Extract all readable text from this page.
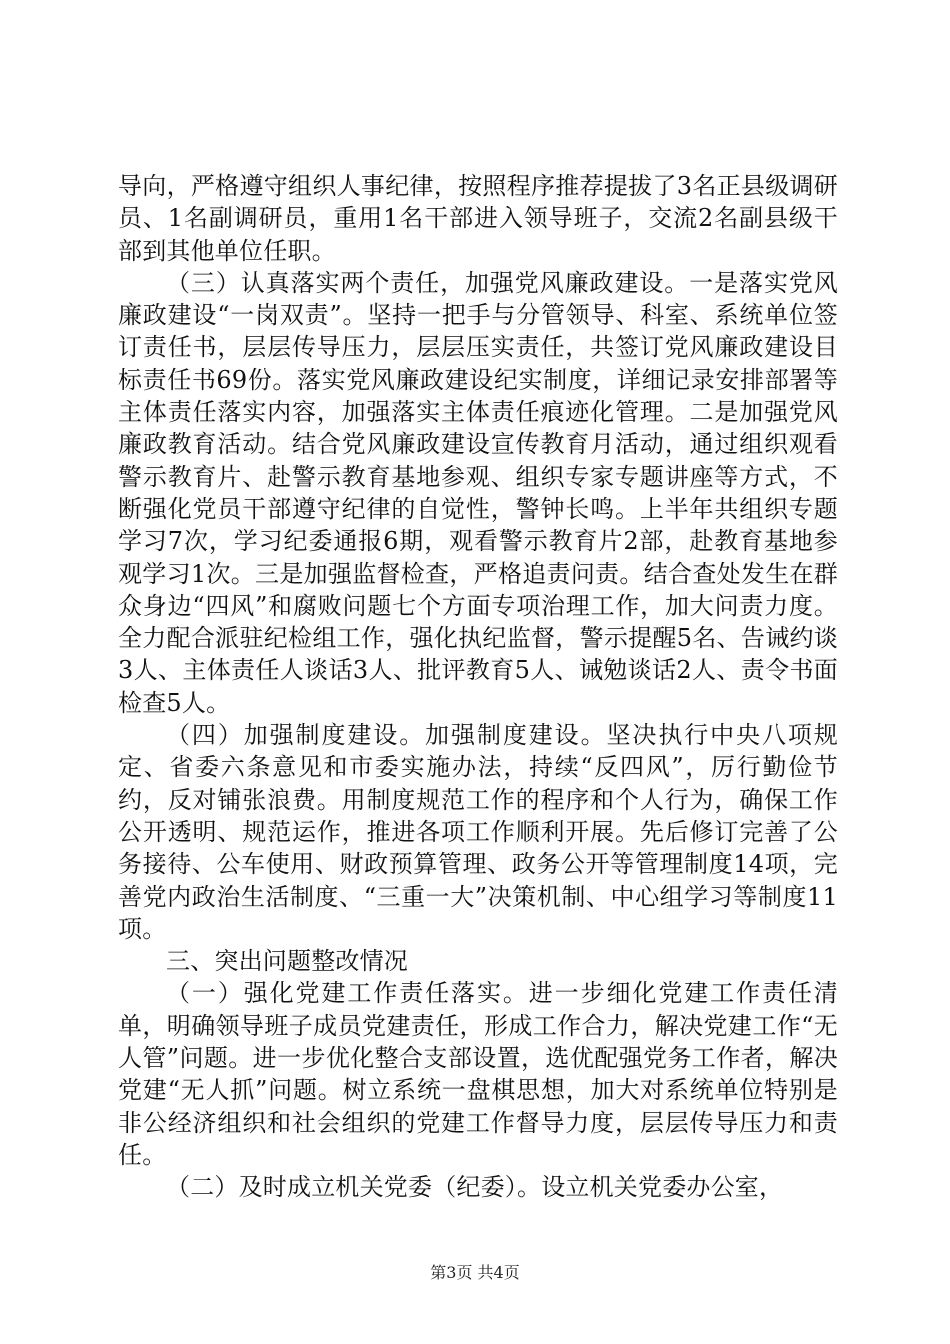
导向，严格遵守组织人事纪律，按照程序推荐提拔了3名正县级调研员、1名副调研员，重用1名干部进入领导班子，交流2名副县级干部到其他单位任职。

（三）认真落实两个责任，加强党风廉政建设。一是落实党风廉政建设“一岗双责”。坚持一把手与分管领导、科室、系统单位签订责任书，层层传导压力，层层压实责任，共签订党风廉政建设目标责任书69份。落实党风廉政建设纪实制度，详细记录安排部署等主体责任落实内容，加强落实主体责任痕迹化管理。二是加强党风廉政教育活动。结合党风廉政建设宣传教育月活动，通过组织观看警示教育片、赴警示教育基地参观、组织专家专题讲座等方式，不断强化党员干部遵守纪律的自觉性，警钟长鸣。上半年共组织专题学习7次，学习纪委通报6期，观看警示教育片2部，赴教育基地参观学习1次。三是加强监督检查，严格追责问责。结合查处发生在群众身边“四风”和腐败问题七个方面专项治理工作，加大问责力度。全力配合派驻纪检组工作，强化执纪监督，警示提醒5名、告诫约谈3人、主体责任人谈话3人、批评教育5人、诫勉谈话2人、责令书面检查5人。

（四）加强制度建设。加强制度建设。坚决执行中央八项规定、省委六条意见和市委实施办法，持续“反四风”，厉行勤俭节约，反对铺张浪费。用制度规范工作的程序和个人行为，确保工作公开透明、规范运作，推进各项工作顺利开展。先后修订完善了公务接待、公车使用、财政预算管理、政务公开等管理制度14项，完善党内政治生活制度、“三重一大”决策机制、中心组学习等制度11项。

三、突出问题整改情况

（一）强化党建工作责任落实。进一步细化党建工作责任清单，明确领导班子成员党建责任，形成工作合力，解决党建工作“无人管”问题。进一步优化整合支部设置，选优配强党务工作者，解决党建“无人抓”问题。树立系统一盘棋思想，加大对系统单位特别是非公经济组织和社会组织的党建工作督导力度，层层传导压力和责任。

（二）及时成立机关党委（纪委）。设立机关党委办公室，

第3页 共4页
